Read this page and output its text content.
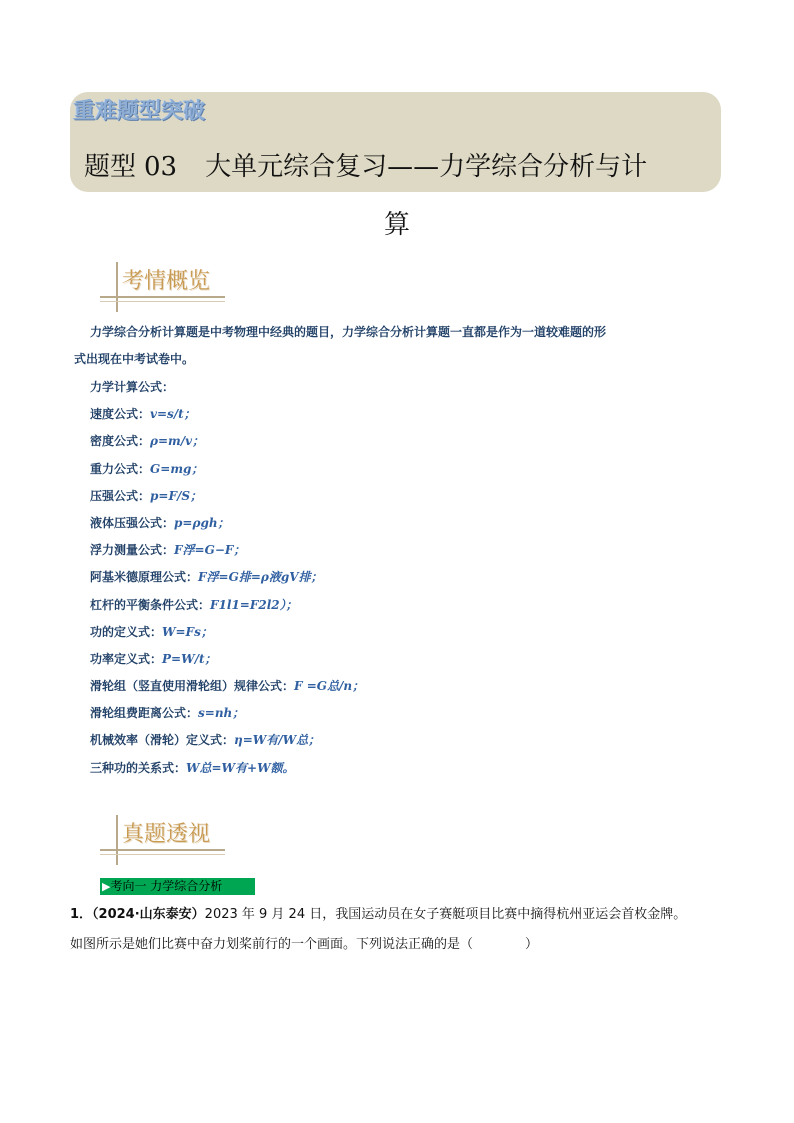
重难题型突破
题型 03 大单元综合复习——力学综合分析与计
算
考情概览
力学综合分析计算题是中考物理中经典的题目，力学综合分析计算题一直都是作为一道较难题的形
式出现在中考试卷中。
力学计算公式：
速度公式：v=s/t；
密度公式：ρ=m/v；
重力公式：G=mg；
压强公式：p=F/S；
液体压强公式：p=ρgh；
浮力测量公式：F浮=G−F；
阿基米德原理公式：F浮=G排=ρ液gV排；
杠杆的平衡条件公式：F1l1=F2l2）；
功的定义式：W=Fs；
功率定义式：P=W/t；
滑轮组（竖直使用滑轮组）规律公式：F =G总/n；
滑轮组费距离公式：s=nh；
机械效率（滑轮）定义式：η=W有/W总；
三种功的关系式：W总=W有+W额。
真题透视
▶考向一 力学综合分析
1．（2024·山东泰安）2023 年 9 月 24 日，我国运动员在女子赛艇项目比赛中摘得杭州亚运会首枚金牌。
如图所示是她们比赛中奋力划桨前行的一个画面。下列说法正确的是（　　　　）
